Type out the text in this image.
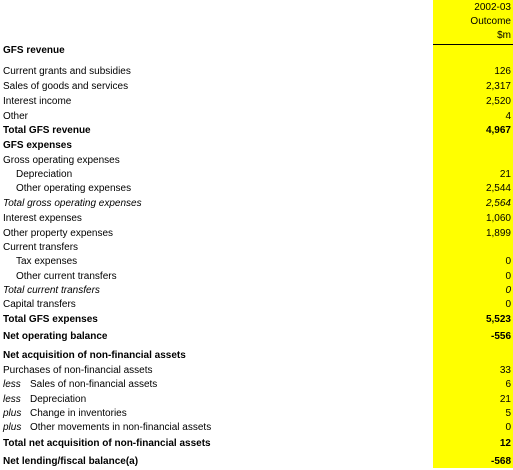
2002-03
Outcome
$m
GFS revenue
Current grants and subsidies	126
Sales of goods and services	2,317
Interest income	2,520
Other	4
Total GFS revenue	4,967
GFS expenses
Gross operating expenses
Depreciation	21
Other operating expenses	2,544
Total gross operating expenses	2,564
Interest expenses	1,060
Other property expenses	1,899
Current transfers
Tax expenses	0
Other current transfers	0
Total current transfers	0
Capital transfers	0
Total GFS expenses	5,523
Net operating balance	-556
Net acquisition of non-financial assets
Purchases of non-financial assets	33
less Sales of non-financial assets	6
less Depreciation	21
plus Change in inventories	5
plus Other movements in non-financial assets	0
Total net acquisition of non-financial assets	12
Net lending/fiscal balance(a)	-568
